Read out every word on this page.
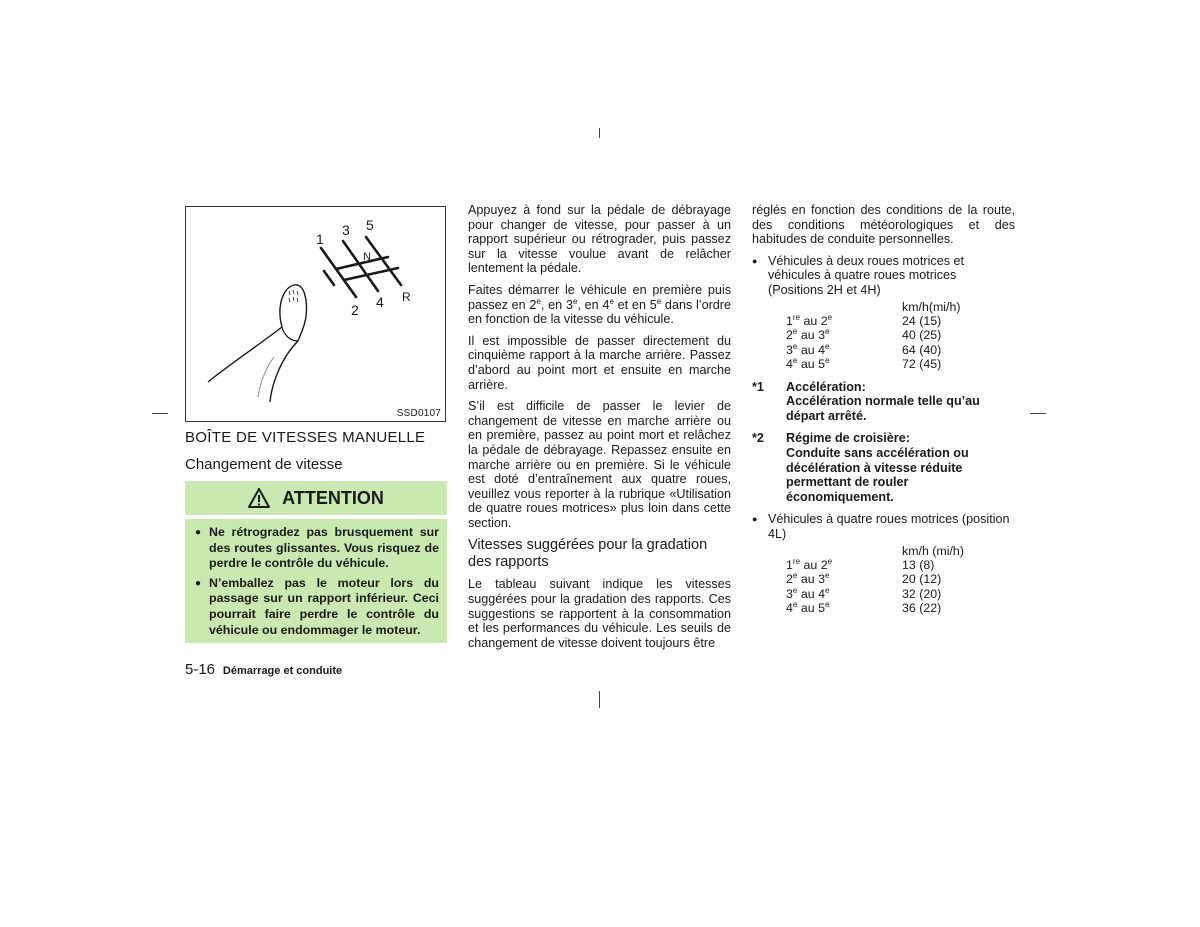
1
3 5
N
2 4 R
SSD0107
BOÎTE DE VITESSES MANUELLE
Changement de vitesse
ATTENTION
● Ne rétrogradez pas brusquement sur des routes glissantes. Vous risquez de perdre le contrôle du véhicule.
● N’emballez pas le moteur lors du passage sur un rapport inférieur. Ceci pourrait faire perdre le contrôle du véhicule ou endommager le moteur.
5-16 Démarrage et conduite

Appuyez à fond sur la pédale de débrayage pour changer de vitesse, pour passer à un rapport supérieur ou rétrograder, puis passez sur la vitesse voulue avant de relâcher lentement la pédale.

Faites démarrer le véhicule en première puis passez en 2e, en 3e, en 4e et en 5e dans l’ordre en fonction de la vitesse du véhicule.

Il est impossible de passer directement du cinquième rapport à la marche arrière. Passez d’abord au point mort et ensuite en marche arrière.

S’il est difficile de passer le levier de changement de vitesse en marche arrière ou en première, passez au point mort et relâchez la pédale de débrayage. Repassez ensuite en marche arrière ou en première. Si le véhicule est doté d’entraînement aux quatre roues, veuillez vous reporter à la rubrique «Utilisation de quatre roues motrices» plus loin dans cette section.

Vitesses suggérées pour la gradation des rapports

Le tableau suivant indique les vitesses suggérées pour la gradation des rapports. Ces suggestions se rapportent à la consommation et les performances du véhicule. Les seuils de changement de vitesse doivent toujours être

réglés en fonction des conditions de la route, des conditions météorologiques et des habitudes de conduite personnelles.

● Véhicules à deux roues motrices et véhicules à quatre roues motrices (Positions 2H et 4H)
	km/h(mi/h)
1re au 2e	24 (15)
2e au 3e	40 (25)
3e au 4e	64 (40)
4e au 5e	72 (45)
*1	Accélération:
Accélération normale telle qu’au départ arrêté.
*2	Régime de croisière:
Conduite sans accélération ou décélération à vitesse réduite permettant de rouler économiquement.
● Véhicules à quatre roues motrices (position 4L)
	km/h (mi/h)
1re au 2e	13 (8)
2e au 3e	20 (12)
3e au 4e	32 (20)
4e au 5e	36 (22)
